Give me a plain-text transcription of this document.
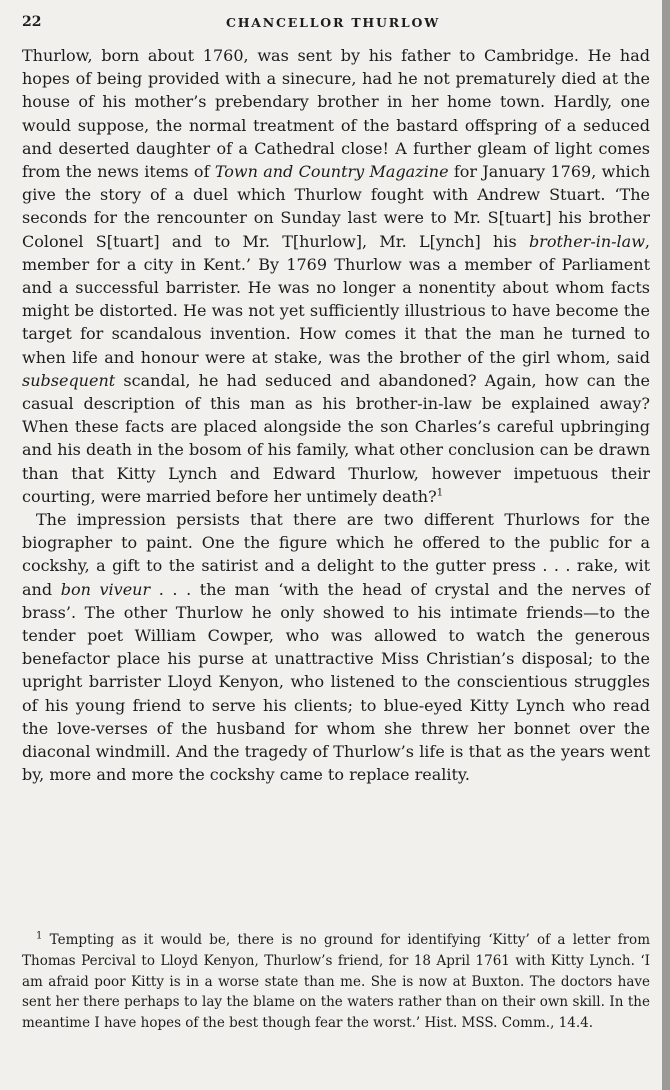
22	CHANCELLOR THURLOW

Thurlow, born about 1760, was sent by his father to Cambridge. He had hopes of being provided with a sinecure, had he not prematurely died at the house of his mother’s prebendary brother in her home town. Hardly, one would suppose, the normal treatment of the bastard offspring of a seduced and deserted daughter of a Cathedral close! A further gleam of light comes from the news items of Town and Country Magazine for January 1769, which give the story of a duel which Thurlow fought with Andrew Stuart. ‘The seconds for the rencounter on Sunday last were to Mr. S[tuart] his brother Colonel S[tuart] and to Mr. T[hurlow], Mr. L[ynch] his brother-in-law, member for a city in Kent.’ By 1769 Thurlow was a member of Parliament and a successful barrister. He was no longer a nonentity about whom facts might be distorted. He was not yet sufficiently illustrious to have become the target for scandalous invention. How comes it that the man he turned to when life and honour were at stake, was the brother of the girl whom, said subsequent scandal, he had seduced and abandoned? Again, how can the casual description of this man as his brother-in-law be explained away? When these facts are placed alongside the son Charles’s careful upbringing and his death in the bosom of his family, what other conclusion can be drawn than that Kitty Lynch and Edward Thurlow, however impetuous their courting, were married before her untimely death?$^1$

The impression persists that there are two different Thurlows for the biographer to paint. One the figure which he offered to the public for a cockshy, a gift to the satirist and a delight to the gutter press . . . rake, wit and bon viveur . . . the man ‘with the head of crystal and the nerves of brass’. The other Thurlow he only showed to his intimate friends—to the tender poet William Cowper, who was allowed to watch the generous benefactor place his purse at unattractive Miss Christian’s disposal; to the upright barrister Lloyd Kenyon, who listened to the conscientious struggles of his young friend to serve his clients; to blue-eyed Kitty Lynch who read the love-verses of the husband for whom she threw her bonnet over the diaconal windmill. And the tragedy of Thurlow’s life is that as the years went by, more and more the cockshy came to replace reality.

$^1$ Tempting as it would be, there is no ground for identifying ‘Kitty’ of a letter from Thomas Percival to Lloyd Kenyon, Thurlow’s friend, for 18 April 1761 with Kitty Lynch. ‘I am afraid poor Kitty is in a worse state than me. She is now at Buxton. The doctors have sent her there perhaps to lay the blame on the waters rather than on their own skill. In the meantime I have hopes of the best though fear the worst.’ Hist. MSS. Comm., 14.4.
